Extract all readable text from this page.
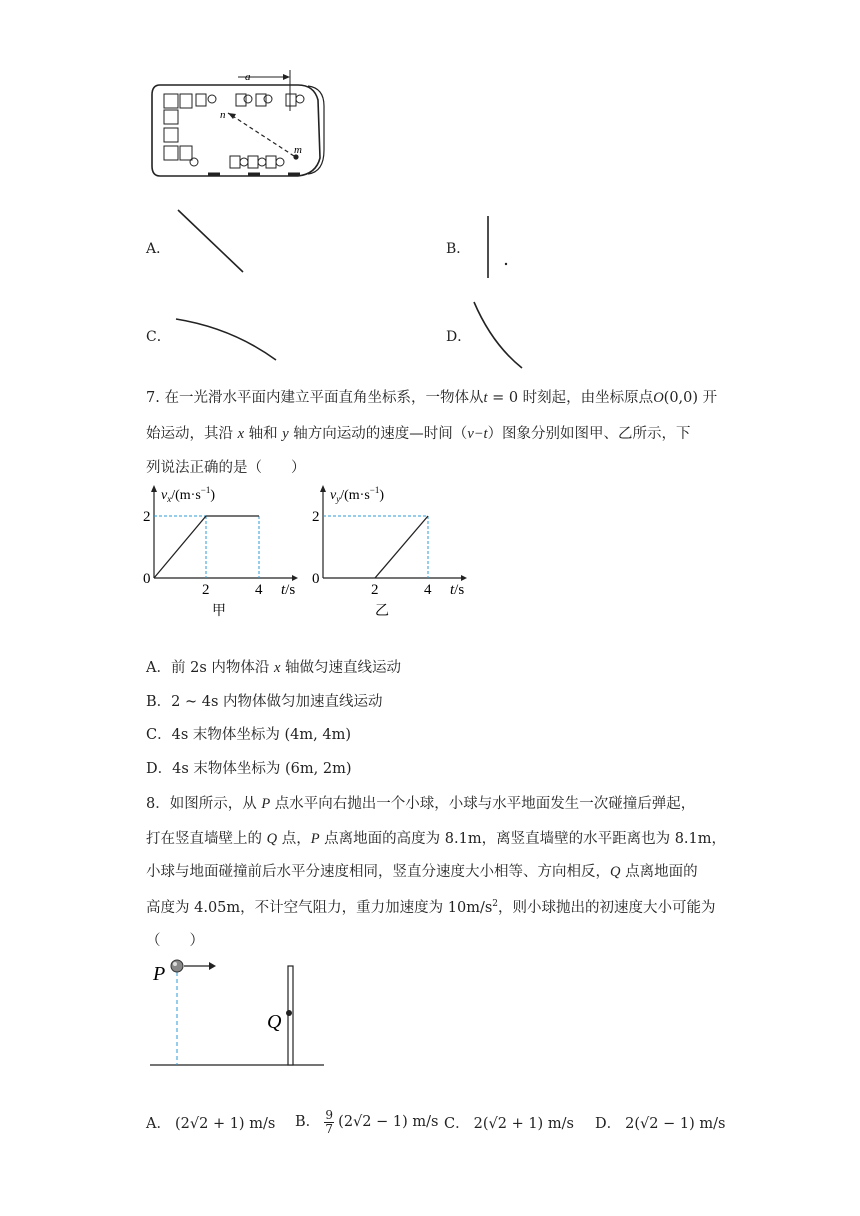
a
n
m
A．	B．
C．	D．
7. 在一光滑水平面内建立平面直角坐标系，一物体从t = 0 时刻起，由坐标原点O(0,0) 开
始运动，其沿 x 轴和 y 轴方向运动的速度—时间（v−t）图象分别如图甲、乙所示，下
列说法正确的是（　　）
$v_x/(m\cdot s^{-1})$
2
0
2	4 t/s
甲
$v_y/(m\cdot s^{-1})$
2
0
2	4 t/s
乙
A．前 2s 内物体沿 x 轴做匀速直线运动
B．2 ~ 4s 内物体做匀加速直线运动
C．4s 末物体坐标为 (4m, 4m)
D．4s 末物体坐标为 (6m, 2m)
8．如图所示，从 P 点水平向右抛出一个小球，小球与水平地面发生一次碰撞后弹起，
打在竖直墙壁上的 Q 点，P 点离地面的高度为 8.1m，离竖直墙壁的水平距离也为 8.1m，
小球与地面碰撞前后水平分速度相同，竖直分速度大小相等、方向相反，Q 点离地面的
高度为 4.05m，不计空气阻力，重力加速度为 $10m/s^2$，则小球抛出的初速度大小可能为
（　　）
P
Q
A． (2√2 + 1) m/s B． 9
7 (2√2 − 1) m/s C． 2(√2 + 1) m/s D． 2(√2 − 1) m/s
